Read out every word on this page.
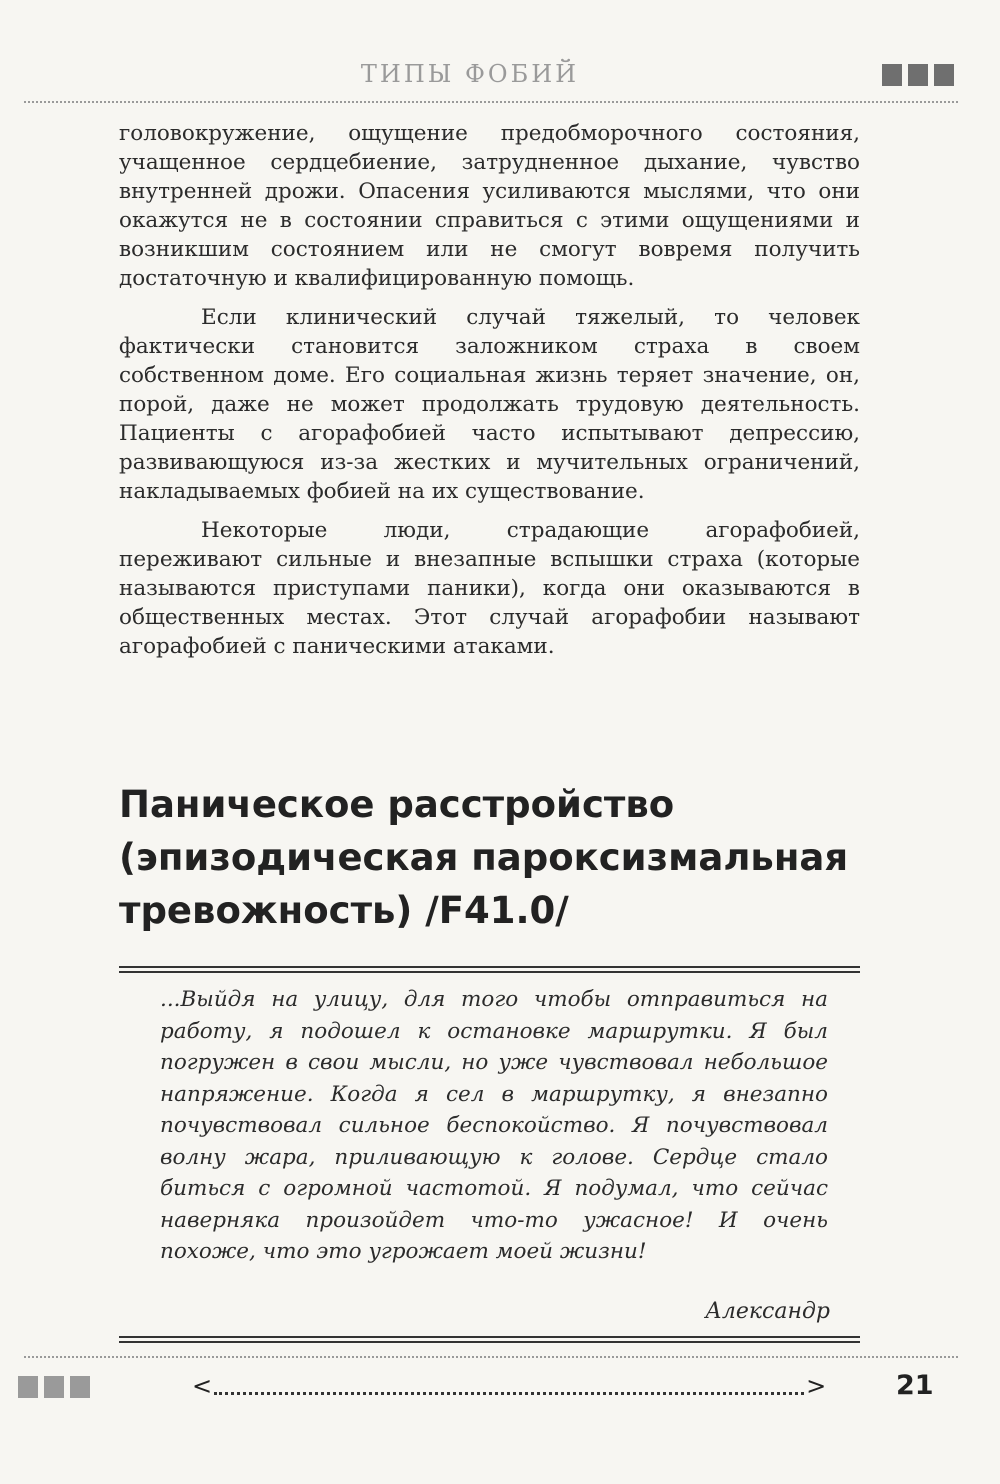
ТИПЫ ФОБИЙ

головокружение, ощущение предобморочного состояния, учащенное сердцебиение, затрудненное дыхание, чувство внутренней дрожи. Опасения усиливаются мыслями, что они окажутся не в состоянии справиться с этими ощущениями и возникшим состоянием или не смогут вовремя получить достаточную и квалифицированную помощь.

Если клинический случай тяжелый, то человек фактически становится заложником страха в своем собственном доме. Его социальная жизнь теряет значение, он, порой, даже не может продолжать трудовую деятельность. Пациенты с агорафобией часто испытывают депрессию, развивающуюся из-за жестких и мучительных ограничений, накладываемых фобией на их существование.

Некоторые люди, страдающие агорафобией, переживают сильные и внезапные вспышки страха (которые называются приступами паники), когда они оказываются в общественных местах. Этот случай агорафобии называют агорафобией с паническими атаками.

Паническое расстройство
(эпизодическая пароксизмальная
тревожность) /F41.0/
...Выйдя на улицу, для того чтобы отправиться на работу, я подошел к остановке маршрутки. Я был погружен в свои мысли, но уже чувствовал небольшое напряжение. Когда я сел в маршрутку, я внезапно почувствовал сильное беспокойство. Я почувствовал волну жара, приливающую к голове. Сердце стало биться с огромной частотой. Я подумал, что сейчас наверняка произойдет что-то ужасное! И очень похоже, что это угрожает моей жизни!
Александр
<	>	21
